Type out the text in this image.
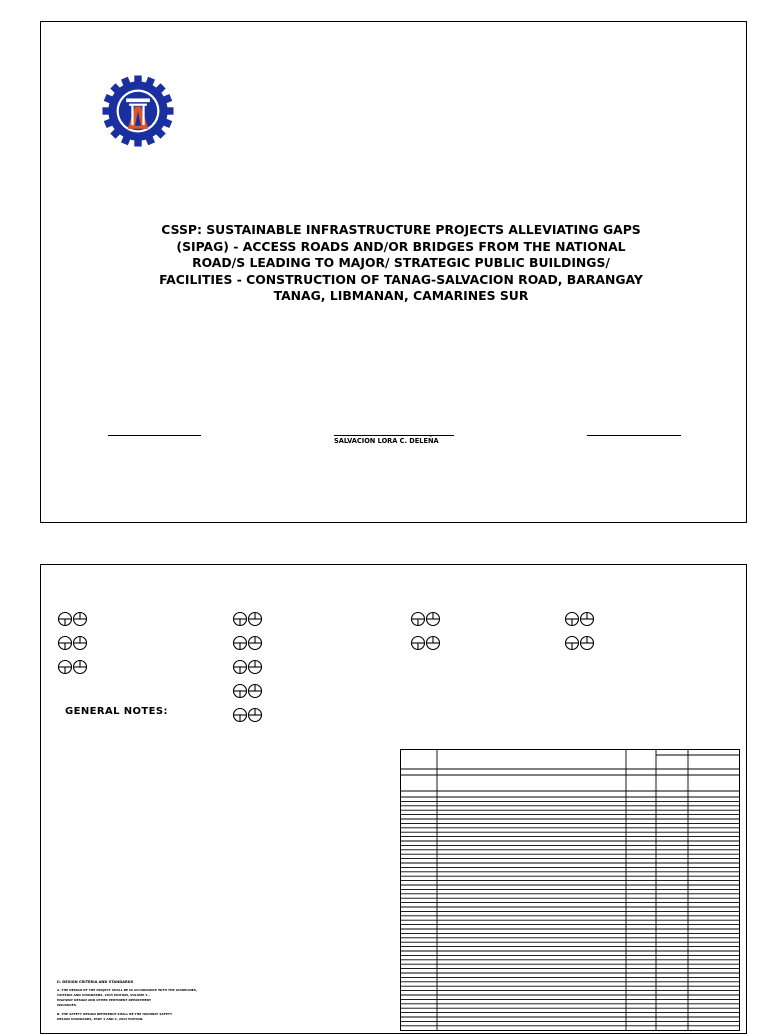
CSSP: SUSTAINABLE INFRASTRUCTURE PROJECTS ALLEVIATING GAPS
(SIPAG) - ACCESS ROADS AND/OR BRIDGES FROM THE NATIONAL
ROAD/S LEADING TO MAJOR/ STRATEGIC PUBLIC BUILDINGS/
FACILITIES - CONSTRUCTION OF TANAG-SALVACION ROAD, BARANGAY
TANAG, LIBMANAN, CAMARINES SUR
SALVACION LORA C. DELEÑA
GENERAL NOTES:
II. DESIGN CRITERIA AND STANDARDS
A. THE DESIGN OF THE PROJECT SHALL BE IN ACCORDANCE WITH THE GUIDELINES,
CRITERIA AND STANDARDS, 2015 EDITION, VOLUME 4 -
HIGHWAY DESIGN AND OTHER PERTINENT DEPARTMENT
ISSUANCES.
B. THE SAFETY DESIGN REFERENCE SHALL BE THE HIGHWAY SAFETY
DESIGN STANDARDS, PART 1 AND 2, 2012 EDITION.
